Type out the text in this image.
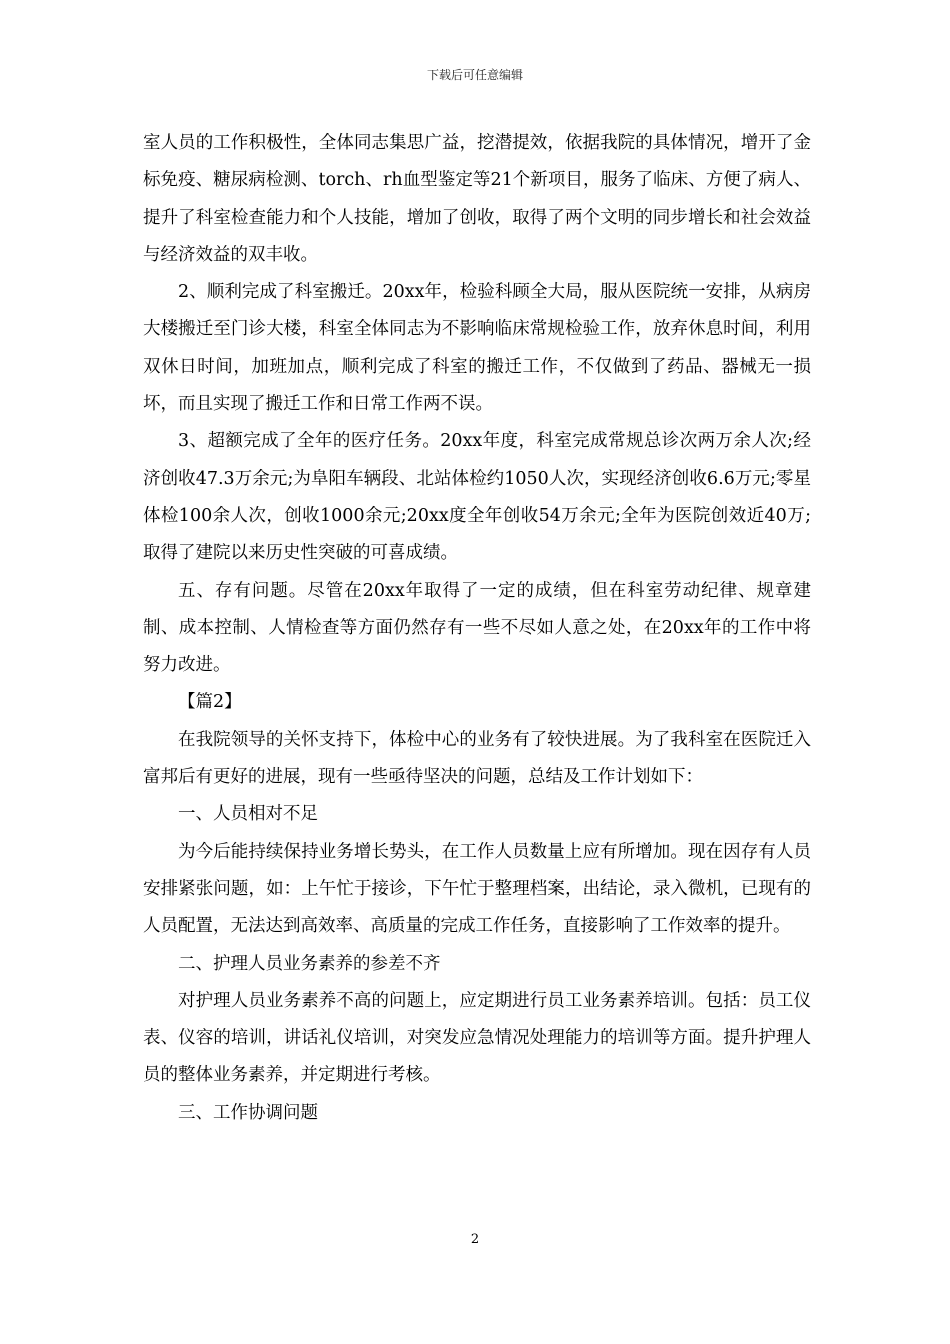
下载后可任意编辑

室人员的工作积极性，全体同志集思广益，挖潜提效，依据我院的具体情况，增开了金标免疫、糖尿病检测、torch、rh血型鉴定等21个新项目，服务了临床、方便了病人、提升了科室检查能力和个人技能，增加了创收，取得了两个文明的同步增长和社会效益与经济效益的双丰收。

2、顺利完成了科室搬迁。20xx年，检验科顾全大局，服从医院统一安排，从病房大楼搬迁至门诊大楼，科室全体同志为不影响临床常规检验工作，放弃休息时间，利用双休日时间，加班加点，顺利完成了科室的搬迁工作，不仅做到了药品、器械无一损坏，而且实现了搬迁工作和日常工作两不误。

3、超额完成了全年的医疗任务。20xx年度，科室完成常规总诊次两万余人次;经济创收47.3万余元;为阜阳车辆段、北站体检约1050人次，实现经济创收6.6万元;零星体检100余人次，创收1000余元;20xx度全年创收54万余元;全年为医院创效近40万;取得了建院以来历史性突破的可喜成绩。

五、存有问题。尽管在20xx年取得了一定的成绩，但在科室劳动纪律、规章建制、成本控制、人情检查等方面仍然存有一些不尽如人意之处，在20xx年的工作中将努力改进。

【篇2】

在我院领导的关怀支持下，体检中心的业务有了较快进展。为了我科室在医院迁入富邦后有更好的进展，现有一些亟待坚决的问题，总结及工作计划如下：

一、人员相对不足

为今后能持续保持业务增长势头，在工作人员数量上应有所增加。现在因存有人员安排紧张问题，如：上午忙于接诊，下午忙于整理档案，出结论，录入微机，已现有的人员配置，无法达到高效率、高质量的完成工作任务，直接影响了工作效率的提升。

二、护理人员业务素养的参差不齐

对护理人员业务素养不高的问题上，应定期进行员工业务素养培训。包括：员工仪表、仪容的培训，讲话礼仪培训，对突发应急情况处理能力的培训等方面。提升护理人员的整体业务素养，并定期进行考核。

三、工作协调问题

2
